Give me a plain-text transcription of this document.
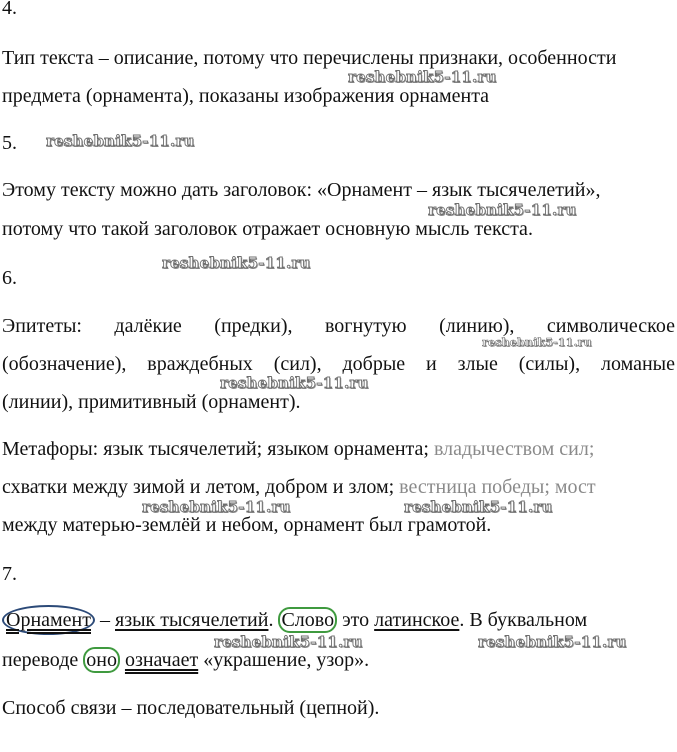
4.
Тип текста – описание, потому что перечислены признаки, особенности
предмета (орнамента), показаны изображения орнамента
5.
Этому тексту можно дать заголовок: «Орнамент – язык тысячелетий»,
потому что такой заголовок отражает основную мысль текста.
6.
Эпитеты: далёкие (предки), вогнутую (линию), символическое
(обозначение), враждебных (сил), добрые и злые (силы), ломаные
(линии), примитивный (орнамент).
Метафоры: язык тысячелетий; языком орнамента; владычеством сил;
схватки между зимой и летом, добром и злом; вестница победы; мост
между матерью-землёй и небом, орнамент был грамотой.
7.
Орнамент – язык тысячелетий. Слово это латинское. В буквальном
переводе оно означает «украшение, узор».
Способ связи – последовательный (цепной).
reshebnik5-11.ru
reshebnik5-11.ru
reshebnik5-11.ru
reshebnik5-11.ru
reshebnik5-11.ru
reshebnik5-11.ru
reshebnik5-11.ru	reshebnik5-11.ru
reshebnik5-11.ru	reshebnik5-11.ru
